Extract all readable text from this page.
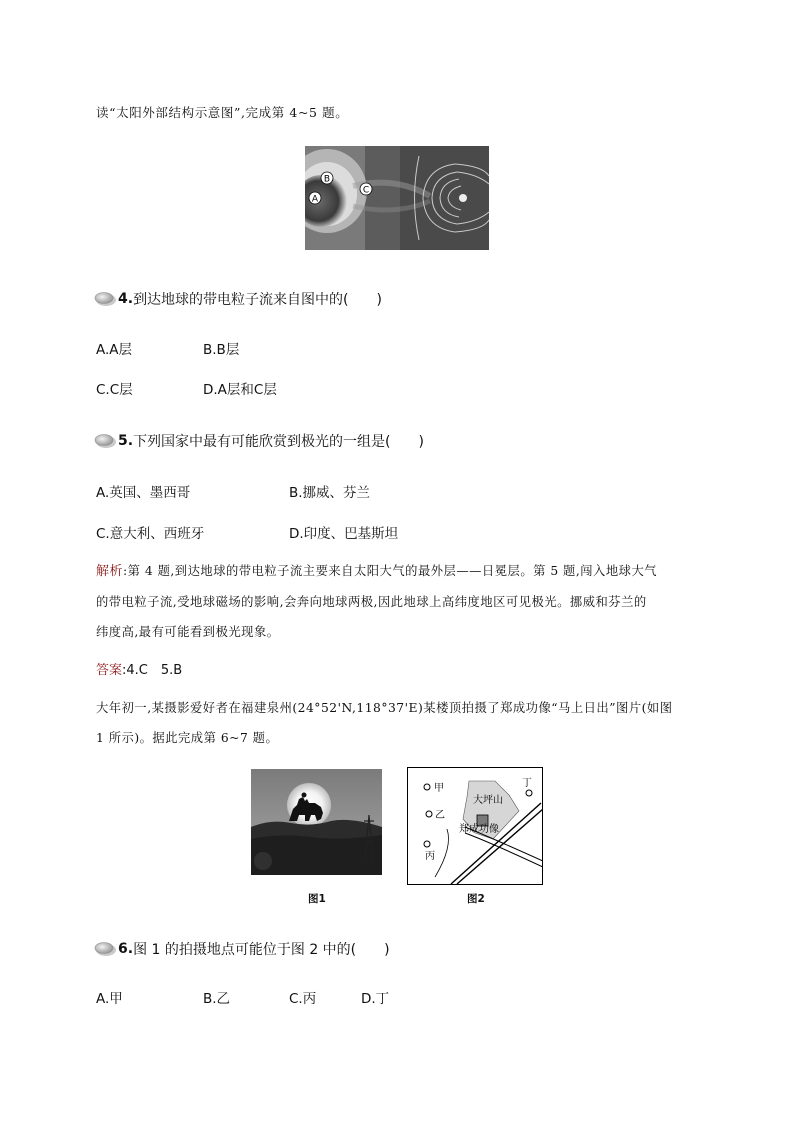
读“太阳外部结构示意图”,完成第 4~5 题。
A
B
C
4. 到达地球的带电粒子流来自图中的(　　)
A.A层	B.B层
C.C层	D.A层和C层
5. 下列国家中最有可能欣赏到极光的一组是(　　)
A.英国、墨西哥	B.挪威、芬兰
C.意大利、西班牙	D.印度、巴基斯坦
解析:第 4 题,到达地球的带电粒子流主要来自太阳大气的最外层——日冕层。第 5 题,闯入地球大气
的带电粒子流,受地球磁场的影响,会奔向地球两极,因此地球上高纬度地区可见极光。挪威和芬兰的
纬度高,最有可能看到极光现象。
答案:4.C　5.B
大年初一,某摄影爱好者在福建泉州(24°52'N,118°37'E)某楼顶拍摄了郑成功像“马上日出”图片(如图
1 所示)。据此完成第 6~7 题。
甲
乙
丙
丁
大坪山
郑成功像
图1	图2
6. 图 1 的拍摄地点可能位于图 2 中的(　　)
A.甲	B.乙	C.丙	D.丁
